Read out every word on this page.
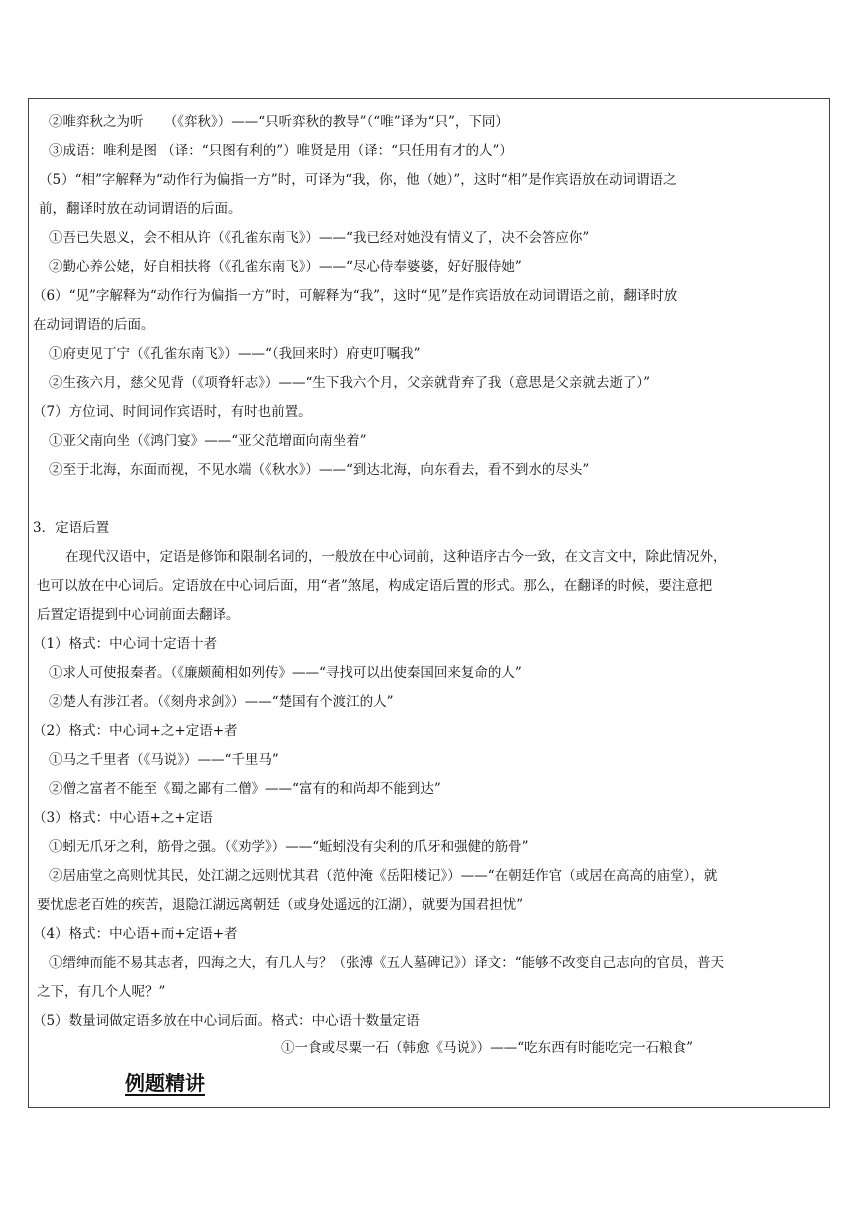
②唯弈秋之为听　　（《弈秋》）——“只听弈秋的教导”（“唯”译为“只”，下同）
③成语：唯利是图 （译：“只图有利的”）唯贤是用（译：“只任用有才的人”）
（5）“相”字解释为“动作行为偏指一方”时，可译为“我，你，他（她）”，这时“相”是作宾语放在动词谓语之
前，翻译时放在动词谓语的后面。
①吾已失恩义，会不相从许（《孔雀东南飞》）——“我已经对她没有情义了，决不会答应你”
②勤心养公姥，好自相扶将（《孔雀东南飞》）——“尽心侍奉婆婆，好好服侍她”
（6）“见”字解释为“动作行为偏指一方”时，可解释为“我”，这时“见”是作宾语放在动词谓语之前，翻译时放
在动词谓语的后面。
①府吏见丁宁（《孔雀东南飞》）——“（我回来时）府吏叮嘱我”
②生孩六月，慈父见背（《项脊轩志》）——“生下我六个月，父亲就背弃了我（意思是父亲就去逝了）”
（7）方位词、时间词作宾语时，有时也前置。
①亚父南向坐（《鸿门宴》——“亚父范增面向南坐着”
②至于北海，东面而视，不见水端（《秋水》）——“到达北海，向东看去，看不到水的尽头”
3．定语后置
在现代汉语中，定语是修饰和限制名词的，一般放在中心词前，这种语序古今一致，在文言文中，除此情况外，
也可以放在中心词后。定语放在中心词后面，用“者”煞尾，构成定语后置的形式。那么，在翻译的时候，要注意把
后置定语提到中心词前面去翻译。
（1）格式：中心词十定语十者
①求人可使报秦者。（《廉颇蔺相如列传》——“寻找可以出使秦国回来复命的人”
②楚人有涉江者。（《刻舟求剑》）——“楚国有个渡江的人”
（2）格式：中心词+之+定语+者
①马之千里者（《马说》）——“千里马”
②僧之富者不能至《蜀之鄙有二僧》——“富有的和尚却不能到达”
（3）格式：中心语+之+定语
①蚓无爪牙之利，筋骨之强。（《劝学》）——“蚯蚓没有尖利的爪牙和强健的筋骨”
②居庙堂之高则忧其民，处江湖之远则忧其君（范仲淹《岳阳楼记》）——“在朝廷作官（或居在高高的庙堂），就
要忧虑老百姓的疾苦，退隐江湖远离朝廷（或身处遥远的江湖），就要为国君担忧”
（4）格式：中心语+而+定语+者
①缙绅而能不易其志者，四海之大，有几人与？（张溥《五人墓碑记》）译文：“能够不改变自己志向的官员，普天
之下，有几个人呢？”
（5）数量词做定语多放在中心词后面。格式：中心语十数量定语
①一食或尽粟一石（韩愈《马说》）——“吃东西有时能吃完一石粮食”
例题精讲
